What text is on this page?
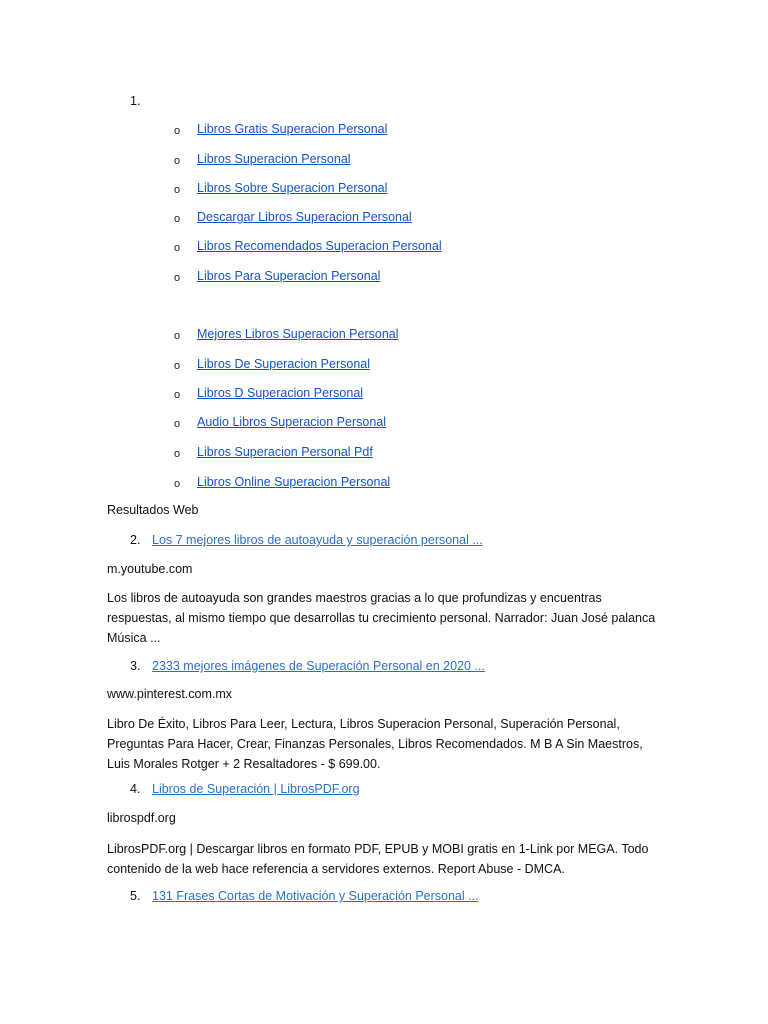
1.
o Libros Gratis Superacion Personal
o Libros Superacion Personal
o Libros Sobre Superacion Personal
o Descargar Libros Superacion Personal
o Libros Recomendados Superacion Personal
o Libros Para Superacion Personal
o Mejores Libros Superacion Personal
o Libros De Superacion Personal
o Libros D Superacion Personal
o Audio Libros Superacion Personal
o Libros Superacion Personal Pdf
o Libros Online Superacion Personal
Resultados Web
2. Los 7 mejores libros de autoayuda y superación personal ...
m.youtube.com
Los libros de autoayuda son grandes maestros gracias a lo que profundizas y encuentras respuestas, al mismo tiempo que desarrollas tu crecimiento personal. Narrador: Juan José palanca Música ...
3. 2333 mejores imágenes de Superación Personal en 2020 ...
www.pinterest.com.mx
Libro De Éxito, Libros Para Leer, Lectura, Libros Superacion Personal, Superación Personal, Preguntas Para Hacer, Crear, Finanzas Personales, Libros Recomendados. M B A Sin Maestros, Luis Morales Rotger + 2 Resaltadores - $ 699.00.
4. Libros de Superación | LibrosPDF.org
librospdf.org
LibrosPDF.org | Descargar libros en formato PDF, EPUB y MOBI gratis en 1-Link por MEGA. Todo contenido de la web hace referencia a servidores externos. Report Abuse - DMCA.
5. 131 Frases Cortas de Motivación y Superación Personal ...
